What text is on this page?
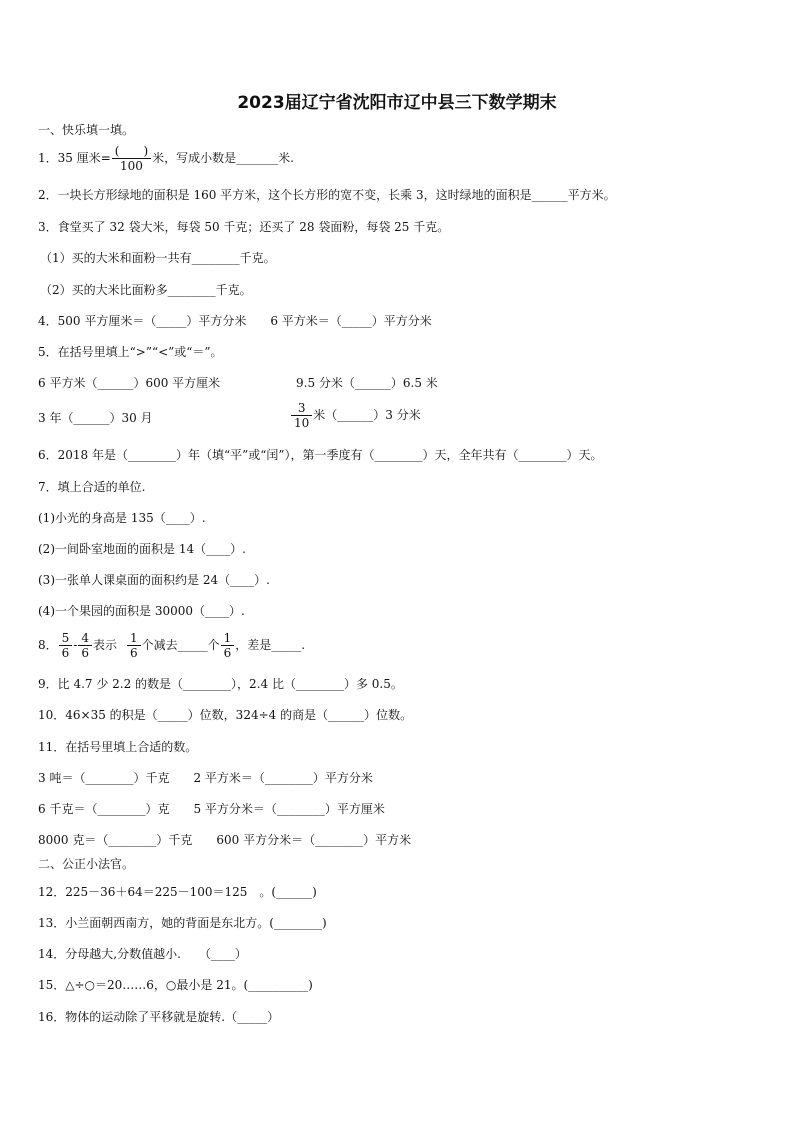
2023届辽宁省沈阳市辽中县三下数学期末
一、快乐填一填。
1．35 厘米= $\frac{( )}{100}$ 米，写成小数是_______米.
2．一块长方形绿地的面积是 160 平方米，这个长方形的宽不变，长乘 3，这时绿地的面积是______平方米。
3．食堂买了 32 袋大米，每袋 50 千克；还买了 28 袋面粉，每袋 25 千克。
（1）买的大米和面粉一共有________千克。
（2）买的大米比面粉多________千克。
4．500 平方厘米＝（_____）平方分米　　6 平方米＝（_____）平方分米
5．在括号里填上“>”“<”或“＝”。
6 平方米（______）600 平方厘米	9.5 分米（______）6.5 米
3 年（______）30 月	$\frac{3}{10}$ 米（______）3 分米
6．2018 年是（________）年（填“平”或“闰”），第一季度有（________）天，全年共有（________）天。
7．填上合适的单位.
(1)小光的身高是 135（____）.
(2)一间卧室地面的面积是 14（____）.
(3)一张单人课桌面的面积约是 24（____）.
(4)一个果园的面积是 30000（____）.
8． $\frac{5}{6} - \frac{4}{6}$ 表示 $\frac{1}{6}$ 个减去_____个 $\frac{1}{6}$ ，差是_____.
9．比 4.7 少 2.2 的数是（________），2.4 比（________）多 0.5。
10．46×35 的积是（_____）位数，324÷4 的商是（______）位数。
11．在括号里填上合适的数。
3 吨＝（________）千克　　2 平方米＝（________）平方分米
6 千克＝（________）克　　5 平方分米＝（________）平方厘米
8000 克＝（________）千克　　600 平方分米＝（________）平方米
二、公正小法官。
12．225－36＋64＝225－100＝125　。(______)
13．小兰面朝西南方，她的背面是东北方。(________)
14．分母越大,分数值越小.　　（____）
15．△÷○＝20……6，○最小是 21。(__________)
16．物体的运动除了平移就是旋转.（_____）
